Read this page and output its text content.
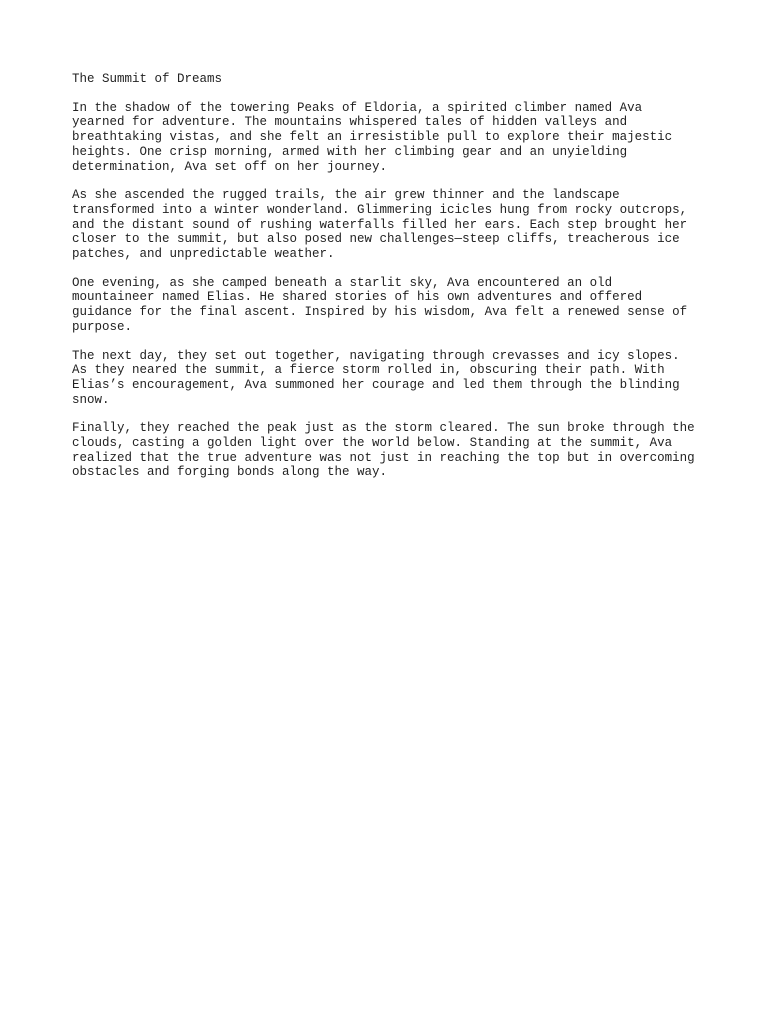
The Summit of Dreams
In the shadow of the towering Peaks of Eldoria, a spirited climber named Ava
yearned for adventure. The mountains whispered tales of hidden valleys and
breathtaking vistas, and she felt an irresistible pull to explore their majestic
heights. One crisp morning, armed with her climbing gear and an unyielding
determination, Ava set off on her journey.
As she ascended the rugged trails, the air grew thinner and the landscape
transformed into a winter wonderland. Glimmering icicles hung from rocky outcrops,
and the distant sound of rushing waterfalls filled her ears. Each step brought her
closer to the summit, but also posed new challenges—steep cliffs, treacherous ice
patches, and unpredictable weather.
One evening, as she camped beneath a starlit sky, Ava encountered an old
mountaineer named Elias. He shared stories of his own adventures and offered
guidance for the final ascent. Inspired by his wisdom, Ava felt a renewed sense of
purpose.
The next day, they set out together, navigating through crevasses and icy slopes.
As they neared the summit, a fierce storm rolled in, obscuring their path. With
Elias’s encouragement, Ava summoned her courage and led them through the blinding
snow.
Finally, they reached the peak just as the storm cleared. The sun broke through the
clouds, casting a golden light over the world below. Standing at the summit, Ava
realized that the true adventure was not just in reaching the top but in overcoming
obstacles and forging bonds along the way.
